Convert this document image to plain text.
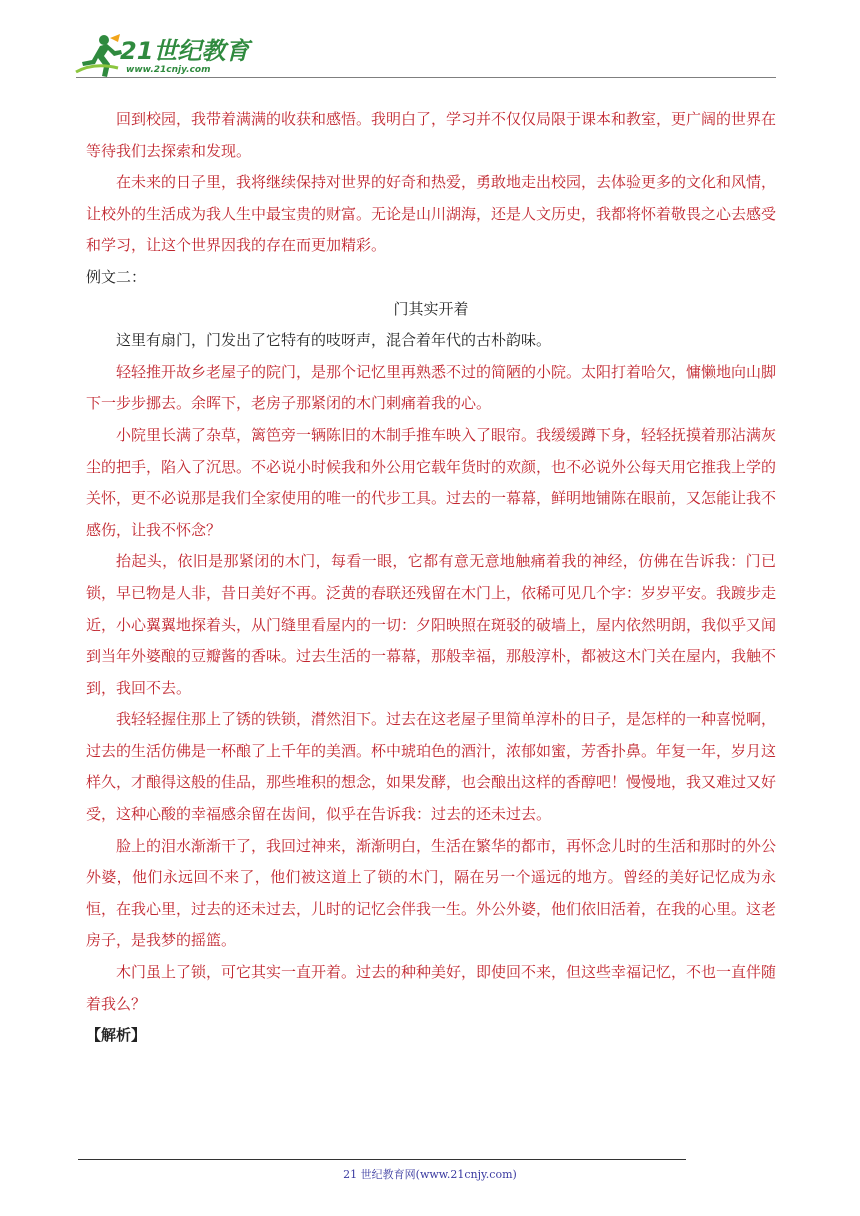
21世纪教育
www.21cnjy.com

回到校园，我带着满满的收获和感悟。我明白了，学习并不仅仅局限于课本和教室，更广阔的世界在等待我们去探索和发现。

在未来的日子里，我将继续保持对世界的好奇和热爱，勇敢地走出校园，去体验更多的文化和风情，让校外的生活成为我人生中最宝贵的财富。无论是山川湖海，还是人文历史，我都将怀着敬畏之心去感受和学习，让这个世界因我的存在而更加精彩。

例文二：

门其实开着

这里有扇门，门发出了它特有的吱呀声，混合着年代的古朴韵味。

轻轻推开故乡老屋子的院门，是那个记忆里再熟悉不过的简陋的小院。太阳打着哈欠，慵懒地向山脚下一步步挪去。余晖下，老房子那紧闭的木门刺痛着我的心。

小院里长满了杂草，篱笆旁一辆陈旧的木制手推车映入了眼帘。我缓缓蹲下身，轻轻抚摸着那沾满灰尘的把手，陷入了沉思。不必说小时候我和外公用它载年货时的欢颜，也不必说外公每天用它推我上学的关怀，更不必说那是我们全家使用的唯一的代步工具。过去的一幕幕，鲜明地铺陈在眼前，又怎能让我不感伤，让我不怀念？

抬起头，依旧是那紧闭的木门，每看一眼，它都有意无意地触痛着我的神经，仿佛在告诉我：门已锁，早已物是人非，昔日美好不再。泛黄的春联还残留在木门上，依稀可见几个字：岁岁平安。我踱步走近，小心翼翼地探着头，从门缝里看屋内的一切：夕阳映照在斑驳的破墙上，屋内依然明朗，我似乎又闻到当年外婆酿的豆瓣酱的香味。过去生活的一幕幕，那般幸福，那般淳朴，都被这木门关在屋内，我触不到，我回不去。

我轻轻握住那上了锈的铁锁，潸然泪下。过去在这老屋子里简单淳朴的日子，是怎样的一种喜悦啊，过去的生活仿佛是一杯酿了上千年的美酒。杯中琥珀色的酒汁，浓郁如蜜，芳香扑鼻。年复一年，岁月这样久，才酿得这般的佳品，那些堆积的想念，如果发酵，也会酿出这样的香醇吧！慢慢地，我又难过又好受，这种心酸的幸福感余留在齿间，似乎在告诉我：过去的还未过去。

脸上的泪水渐渐干了，我回过神来，渐渐明白，生活在繁华的都市，再怀念儿时的生活和那时的外公外婆，他们永远回不来了，他们被这道上了锁的木门，隔在另一个遥远的地方。曾经的美好记忆成为永恒，在我心里，过去的还未过去，儿时的记忆会伴我一生。外公外婆，他们依旧活着，在我的心里。这老房子，是我梦的摇篮。

木门虽上了锁，可它其实一直开着。过去的种种美好，即使回不来，但这些幸福记忆，不也一直伴随着我么？

【解析】

21 世纪教育网(www.21cnjy.com)
